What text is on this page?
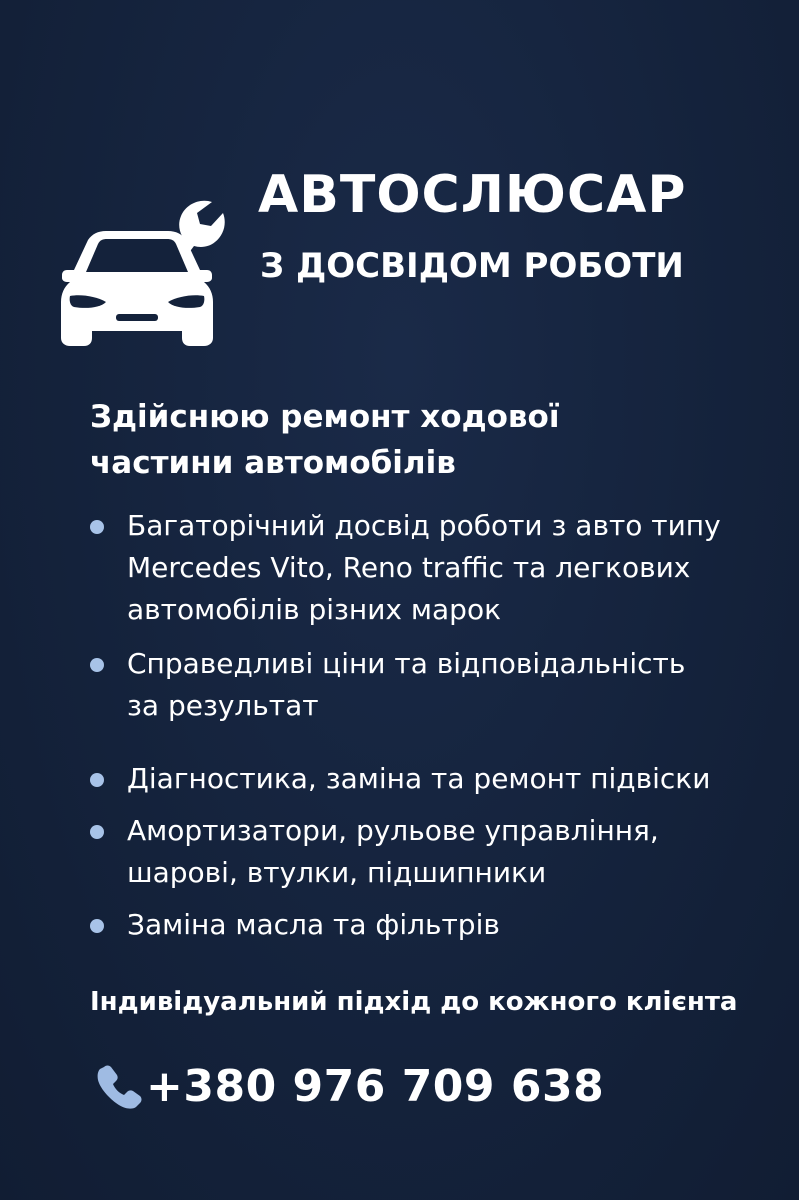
АВТОСЛЮСАР
З ДОСВІДОМ РОБОТИ
Здійснюю ремонт ходової
частини автомобілів
Багаторічний досвід роботи з авто типу
Mercedes Vito, Reno traffic та легкових
автомобілів різних марок
Справедливі ціни та відповідальність
за результат
Діагностика, заміна та ремонт підвіски
Амортизатори, рульове управління,
шарові, втулки, підшипники
Заміна масла та фільтрів
Індивідуальний підхід до кожного клієнта
+380 976 709 638
